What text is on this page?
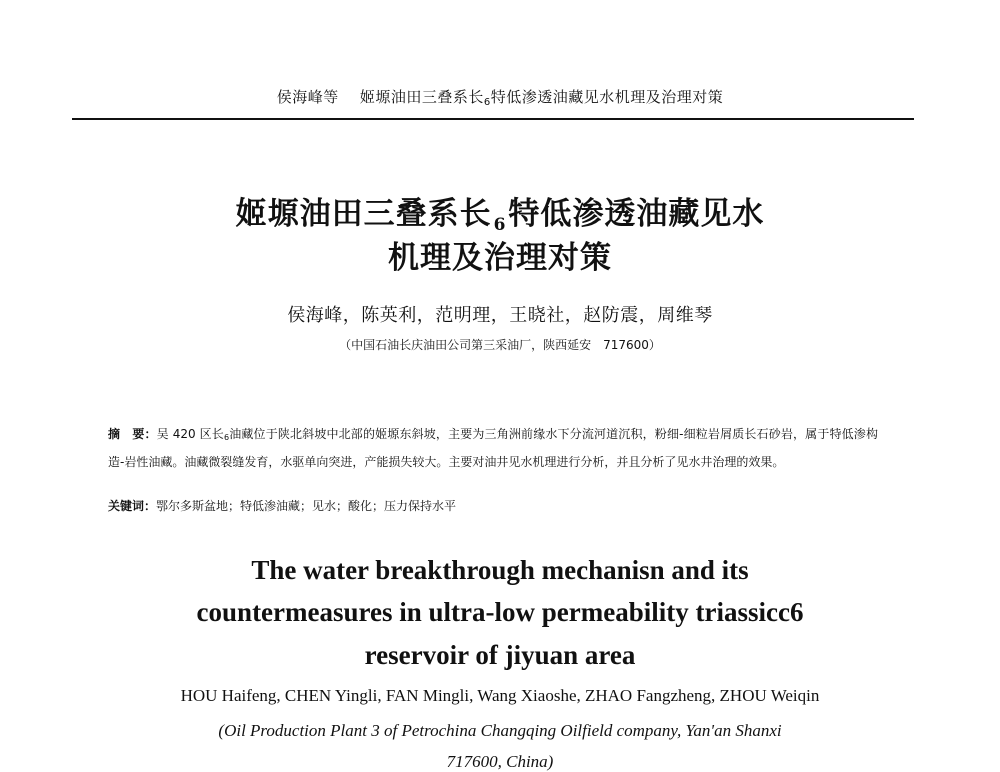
侯海峰等 姬塬油田三叠系长$_6$特低渗透油藏见水机理及治理对策
姬塬油田三叠系长 $_6$特低渗透油藏见水
机理及治理对策
侯海峰，陈英利，范明理，王晓社，赵防震，周维琴
（中国石油长庆油田公司第三采油厂，陕西延安　717600）
摘　要：吴 420 区长$_6$油藏位于陕北斜坡中北部的姬塬东斜坡，主要为三角洲前缘水下分流河道沉积，粉细-细粒岩屑质长石砂岩，属于特低渗构造-岩性油藏。油藏微裂缝发育，水驱单向突进，产能损失较大。主要对油井见水机理进行分析，并且分析了见水井治理的效果。
关键词：鄂尔多斯盆地；特低渗油藏；见水；酸化；压力保持水平
The water breakthrough mechanisn and its
countermeasures in ultra-low permeability triassicc6
reservoir of jiyuan area
HOU Haifeng, CHEN Yingli, FAN Mingli, Wang Xiaoshe, ZHAO Fangzheng, ZHOU Weiqin
(Oil Production Plant 3 of Petrochina Changqing Oilfield company, Yan'an Shanxi
717600, China)
